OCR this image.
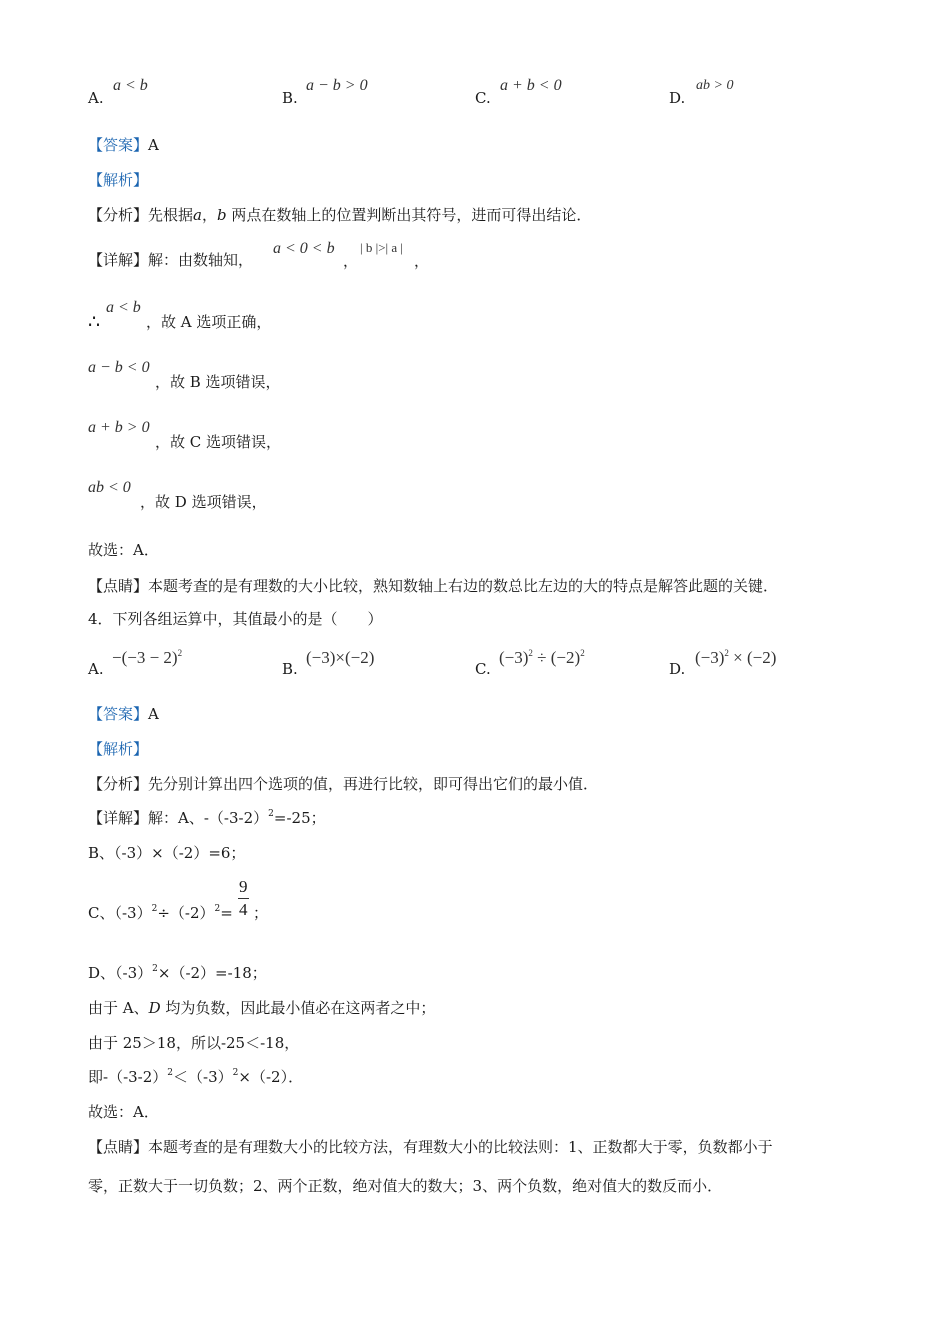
A.
a < b
B.
a − b > 0
C.
a + b < 0
D.
ab > 0
【答案】A
【解析】
【分析】先根据a，b 两点在数轴上的位置判断出其符号，进而可得出结论．
【详解】解：由数轴知，
a < 0 < b
，
| b |>| a |
，
∴
a < b
，故 A 选项正确，
a − b < 0
，故 B 选项错误，
a + b > 0
，故 C 选项错误，
ab < 0
，故 D 选项错误，
故选：A．
【点睛】本题考查的是有理数的大小比较，熟知数轴上右边的数总比左边的大的特点是解答此题的关键．
4．下列各组运算中，其值最小的是（　　）
A.
$-(-3 - 2)^2$
B.
(−3)×(−2)
C.
$(-3)^2 \div (-2)^2$
D.
$(-3)^2 \times (-2)$
【答案】A
【解析】
【分析】先分别计算出四个选项的值，再进行比较，即可得出它们的最小值．
【详解】解：A、$-(-3-2)^2=-25$；
B、（-3）×（-2）=6；
C、$(-3)^2\div(-2)^2= \frac{9}{4}$ ；
D、$(-3)^2\times(-2)=-18$；
由于 A、D 均为负数，因此最小值必在这两者之中；
由于 25＞18，所以-25＜-18，
即$-(-3-2)^2<(-3)^2\times(-2)$．
故选：A．
【点睛】本题考查的是有理数大小的比较方法，有理数大小的比较法则：1、正数都大于零，负数都小于
零，正数大于一切负数；2、两个正数，绝对值大的数大；3、两个负数，绝对值大的数反而小．
